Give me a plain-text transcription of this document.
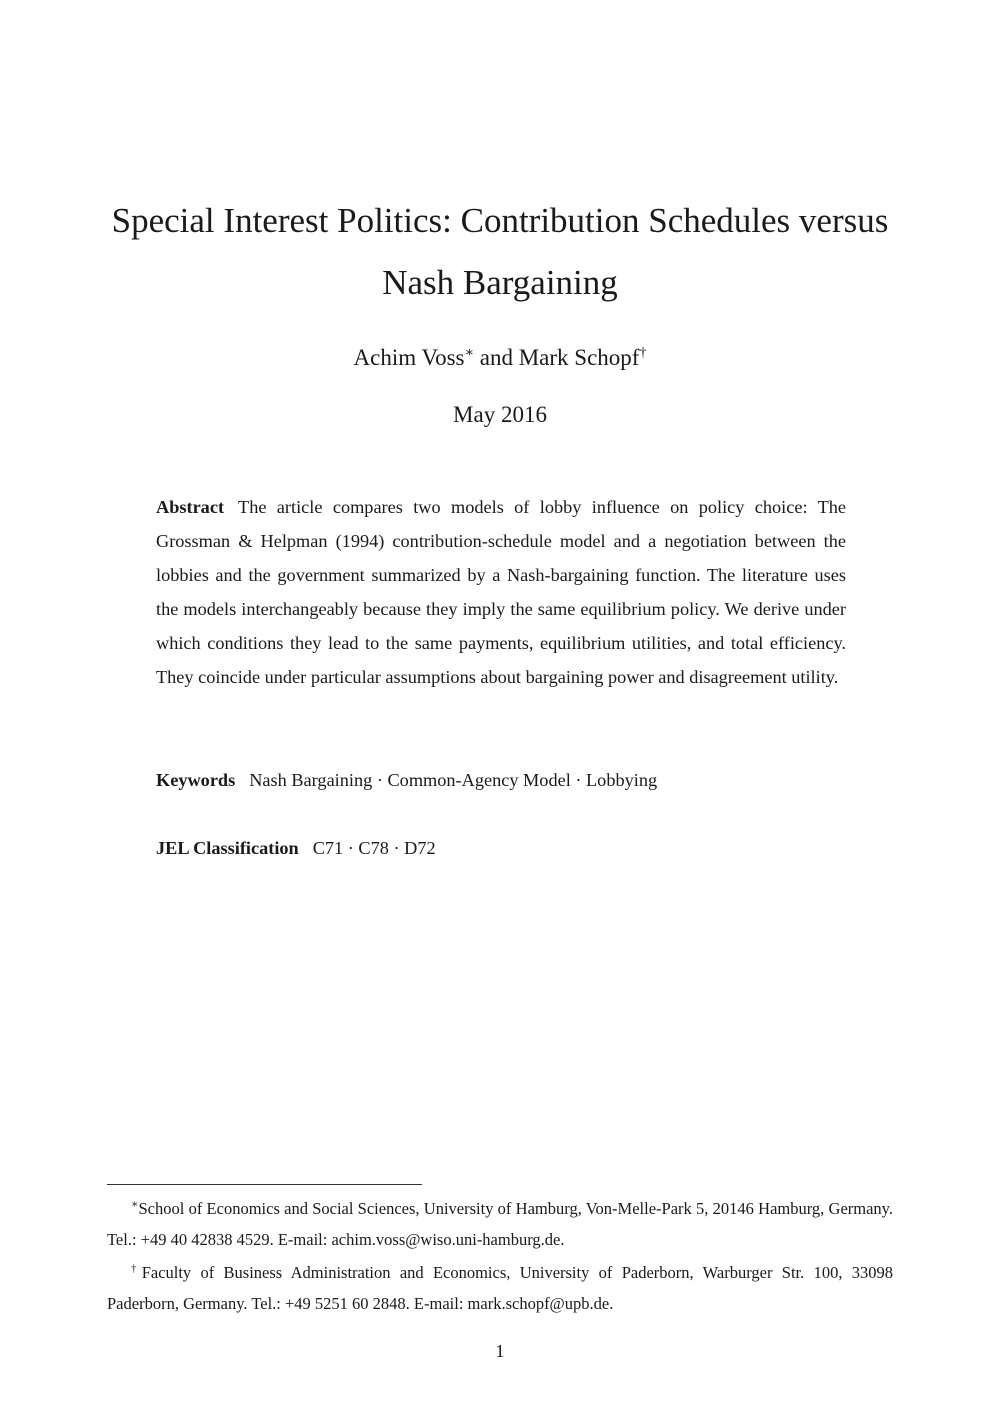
Special Interest Politics: Contribution Schedules versus Nash Bargaining
Achim Voss∗ and Mark Schopf†
May 2016

Abstract The article compares two models of lobby influence on policy choice: The Grossman & Helpman (1994) contribution-schedule model and a negotiation between the lobbies and the government summarized by a Nash-bargaining function. The literature uses the models interchangeably because they imply the same equilibrium policy. We derive under which conditions they lead to the same payments, equilibrium utilities, and total efficiency. They coincide under particular assumptions about bargaining power and disagreement utility.

Keywords Nash Bargaining · Common-Agency Model · Lobbying
JEL Classification C71 · C78 · D72

∗School of Economics and Social Sciences, University of Hamburg, Von-Melle-Park 5, 20146 Hamburg, Germany. Tel.: +49 40 42838 4529. E-mail: achim.voss@wiso.uni-hamburg.de.

†Faculty of Business Administration and Economics, University of Paderborn, Warburger Str. 100, 33098 Paderborn, Germany. Tel.: +49 5251 60 2848. E-mail: mark.schopf@upb.de.

1
